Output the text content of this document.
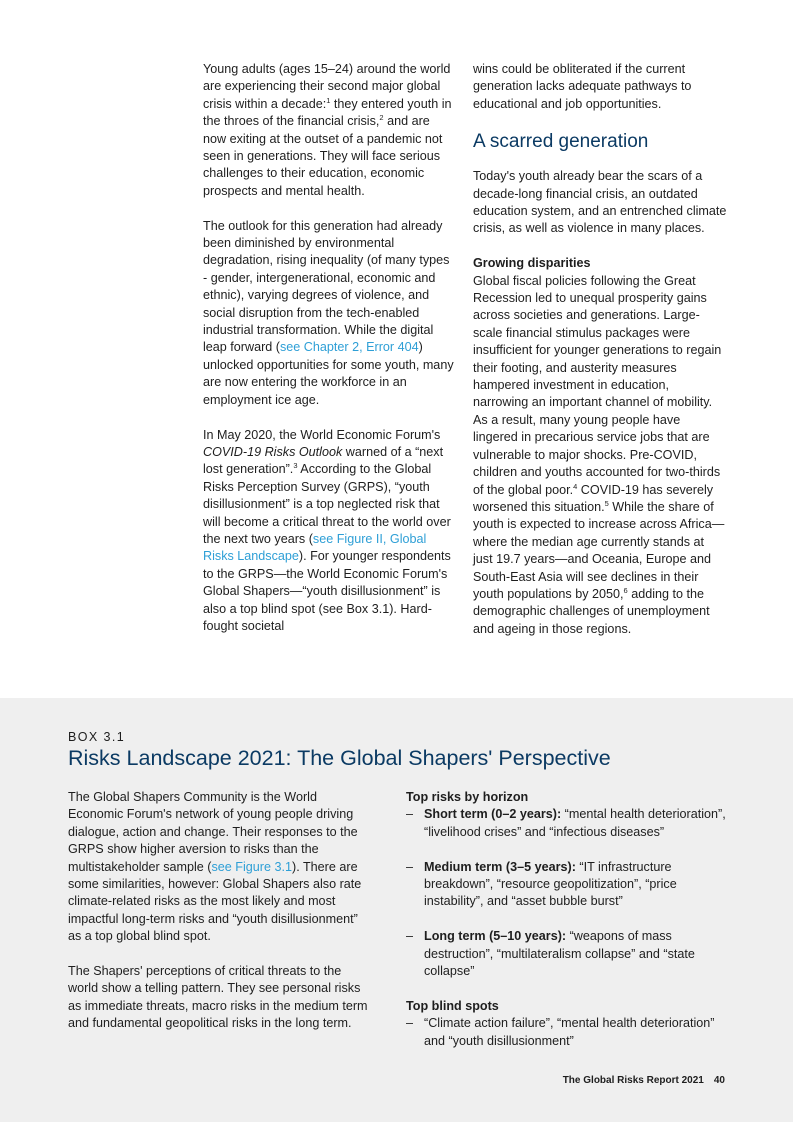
Young adults (ages 15–24) around the world are experiencing their second major global crisis within a decade:$^1$ they entered youth in the throes of the financial crisis,$^2$ and are now exiting at the outset of a pandemic not seen in generations. They will face serious challenges to their education, economic prospects and mental health.

The outlook for this generation had already been diminished by environmental degradation, rising inequality (of many types - gender, intergenerational, economic and ethnic), varying degrees of violence, and social disruption from the tech-enabled industrial transformation. While the digital leap forward (see Chapter 2, Error 404) unlocked opportunities for some youth, many are now entering the workforce in an employment ice age.

In May 2020, the World Economic Forum's COVID-19 Risks Outlook warned of a “next lost generation”.$^3$ According to the Global Risks Perception Survey (GRPS), “youth disillusionment” is a top neglected risk that will become a critical threat to the world over the next two years (see Figure II, Global Risks Landscape). For younger respondents to the GRPS—the World Economic Forum's Global Shapers—“youth disillusionment” is also a top blind spot (see Box 3.1). Hard-fought societal

wins could be obliterated if the current generation lacks adequate pathways to educational and job opportunities.

A scarred generation

Today's youth already bear the scars of a decade-long financial crisis, an outdated education system, and an entrenched climate crisis, as well as violence in many places.

Growing disparities
Global fiscal policies following the Great Recession led to unequal prosperity gains across societies and generations. Large-scale financial stimulus packages were insufficient for younger generations to regain their footing, and austerity measures hampered investment in education, narrowing an important channel of mobility. As a result, many young people have lingered in precarious service jobs that are vulnerable to major shocks. Pre-COVID, children and youths accounted for two-thirds of the global poor.$^4$ COVID-19 has severely worsened this situation.$^5$ While the share of youth is expected to increase across Africa—where the median age currently stands at just 19.7 years—and Oceania, Europe and South-East Asia will see declines in their youth populations by 2050,$^6$ adding to the demographic challenges of unemployment and ageing in those regions.

BOX 3.1
Risks Landscape 2021: The Global Shapers' Perspective

The Global Shapers Community is the World Economic Forum's network of young people driving dialogue, action and change. Their responses to the GRPS show higher aversion to risks than the multistakeholder sample (see Figure 3.1). There are some similarities, however: Global Shapers also rate climate-related risks as the most likely and most impactful long-term risks and “youth disillusionment” as a top global blind spot.

The Shapers' perceptions of critical threats to the world show a telling pattern. They see personal risks as immediate threats, macro risks in the medium term and fundamental geopolitical risks in the long term.

Top risks by horizon
– Short term (0–2 years): “mental health deterioration”, “livelihood crises” and “infectious diseases”
– Medium term (3–5 years): “IT infrastructure breakdown”, “resource geopolitization”, “price instability”, and “asset bubble burst”
– Long term (5–10 years): “weapons of mass destruction”, “multilateralism collapse” and “state collapse”
Top blind spots
– “Climate action failure”, “mental health deterioration” and “youth disillusionment”
The Global Risks Report 2021 40
